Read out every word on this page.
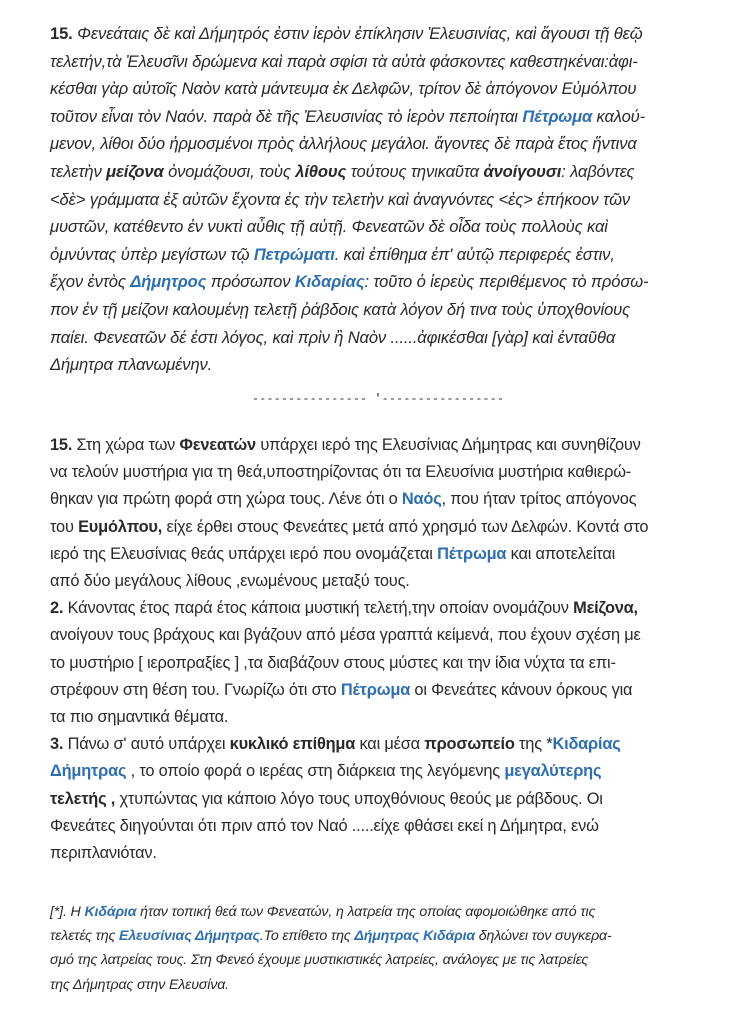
15. Φενεάταις δὲ καὶ Δήμητρός ἐστιν ἱερὸν ἐπίκλησιν Ἐλευσινίας, καὶ ἄγουσι τῇ θεῷ
τελετήν,τὰ Ἐλευσῖνι δρώμενα καὶ παρὰ σφίσι τὰ αὐτὰ φάσκοντες καθεστηκέναι:ἀφι-
κέσθαι γὰρ αὐτοῖς Ναὸν κατὰ μάντευμα ἐκ Δελφῶν, τρίτον δὲ ἀπόγονον Εὐμόλπου
τοῦτον εἶναι τὸν Ναόν. παρὰ δὲ τῆς Ἐλευσινίας τὸ ἱερὸν πεποίηται Πέτρωμα καλού-
μενον, λίθοι δύο ἡρμοσμένοι πρὸς ἀλλήλους μεγάλοι. ἄγοντες δὲ παρὰ ἔτος ἥντινα
τελετὴν μείζονα ὀνομάζουσι, τοὺς λίθους τούτους τηνικαῦτα ἀνοίγουσι: λαβόντες
<δὲ> γράμματα ἐξ αὐτῶν ἔχοντα ἐς τὴν τελετὴν καὶ ἀναγνόντες <ἐς> ἐπήκοον τῶν
μυστῶν, κατέθεντο ἐν νυκτὶ αὖθις τῇ αὐτῇ. Φενεατῶν δὲ οἶδα τοὺς πολλοὺς καὶ
ὀμνύντας ὑπὲρ μεγίστων τῷ Πετρώματι. καὶ ἐπίθημα ἐπ' αὐτῷ περιφερές ἐστιν,
ἔχον ἐντὸς Δήμητρος πρόσωπον Κιδαρίας: τοῦτο ὁ ἱερεὺς περιθέμενος τὸ πρόσω-
πον ἐν τῇ μείζονι καλουμένῃ τελετῇ ῥάβδοις κατὰ λόγον δή τινα τοὺς ὑποχθονίους
παίει. Φενεατῶν δέ ἐστι λόγος, καὶ πρὶν ἢ Ναὸν ......ἀφικέσθαι [γὰρ] καὶ ἐνταῦθα
Δήμητρα πλανωμένην.
---------------- '-----------------
15. Στη χώρα των Φενεατών υπάρχει ιερό της Ελευσίνιας Δήμητρας και συνηθίζουν
να τελούν μυστήρια για τη θεά,υποστηρίζοντας ότι τα Ελευσίνια μυστήρια καθιερώ-
θηκαν για πρώτη φορά στη χώρα τους. Λένε ότι ο Ναός, που ήταν τρίτος απόγονος
του Ευμόλπου, είχε έρθει στους Φενεάτες μετά από χρησμό των Δελφών. Κοντά στο
ιερό της Ελευσίνιας θεάς υπάρχει ιερό που ονομάζεται Πέτρωμα και αποτελείται
από δύο μεγάλους λίθους ,ενωμένους μεταξύ τους.
2. Κάνοντας έτος παρά έτος κάποια μυστική τελετή,την οποίαν ονομάζουν Μείζονα,
ανοίγουν τους βράχους και βγάζουν από μέσα γραπτά κείμενά, που έχουν σχέση με
το μυστήριο [ ιεροπραξίες ] ,τα διαβάζουν στους μύστες και την ίδια νύχτα τα επι-
στρέφουν στη θέση του. Γνωρίζω ότι στο Πέτρωμα οι Φενεάτες κάνουν όρκους για
τα πιο σημαντικά θέματα.
3. Πάνω σ' αυτό υπάρχει κυκλικό επίθημα και μέσα προσωπείο της *Κιδαρίας
Δήμητρας , το οποίο φορά ο ιερέας στη διάρκεια της λεγόμενης μεγαλύτερης
τελετής , χτυπώντας για κάποιο λόγο τους υποχθόνιους θεούς με ράβδους. Οι
Φενεάτες διηγούνται ότι πριν από τον Ναό .....είχε φθάσει εκεί η Δήμητρα, ενώ
περιπλανιόταν.
[*]. Η Κιδάρια ήταν τοπική θεά των Φενεατών, η λατρεία της οποίας αφομοιώθηκε από τις
τελετές της Ελευσίνιας Δήμητρας.Το επίθετο της Δήμητρας Κιδάρια δηλώνει τον συγκερα-
σμό της λατρείας τους. Στη Φενεό έχουμε μυστικιστικές λατρείες, ανάλογες με τις λατρείες
της Δήμητρας στην Ελευσίνα.
